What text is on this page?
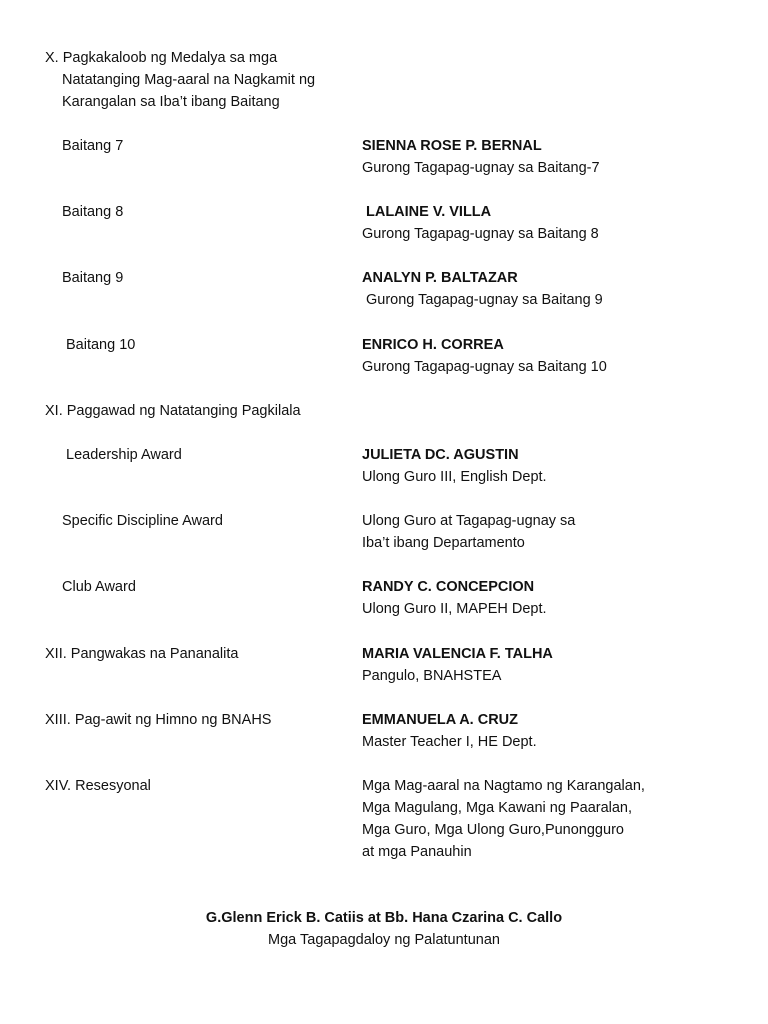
X. Pagkakaloob ng Medalya sa mga
Natatanging Mag-aaral na Nagkamit ng
Karangalan sa Iba’t ibang Baitang
Baitang 7	SIENNA ROSE P. BERNAL
Gurong Tagapag-ugnay sa Baitang-7
Baitang 8	LALAINE V. VILLA
Gurong Tagapag-ugnay sa Baitang 8
Baitang 9	ANALYN P. BALTAZAR
Gurong Tagapag-ugnay sa Baitang 9
Baitang 10	ENRICO H. CORREA
Gurong Tagapag-ugnay sa Baitang 10
XI. Paggawad ng Natatanging Pagkilala
Leadership Award	JULIETA DC. AGUSTIN
Ulong Guro III, English Dept.
Specific Discipline Award	Ulong Guro at Tagapag-ugnay sa
Iba’t ibang Departamento
Club Award	RANDY C. CONCEPCION
Ulong Guro II, MAPEH Dept.
XII. Pangwakas na Pananalita	MARIA VALENCIA F. TALHA
Pangulo, BNAHSTEA
XIII. Pag-awit ng Himno ng BNAHS	EMMANUELA A. CRUZ
Master Teacher I, HE Dept.
XIV. Resesyonal	Mga Mag-aaral na Nagtamo ng Karangalan,
Mga Magulang, Mga Kawani ng Paaralan,
Mga Guro, Mga Ulong Guro,Punongguro
at mga Panauhin
G.Glenn Erick B. Catiis at Bb. Hana Czarina C. Callo
Mga Tagapagdaloy ng Palatuntunan
